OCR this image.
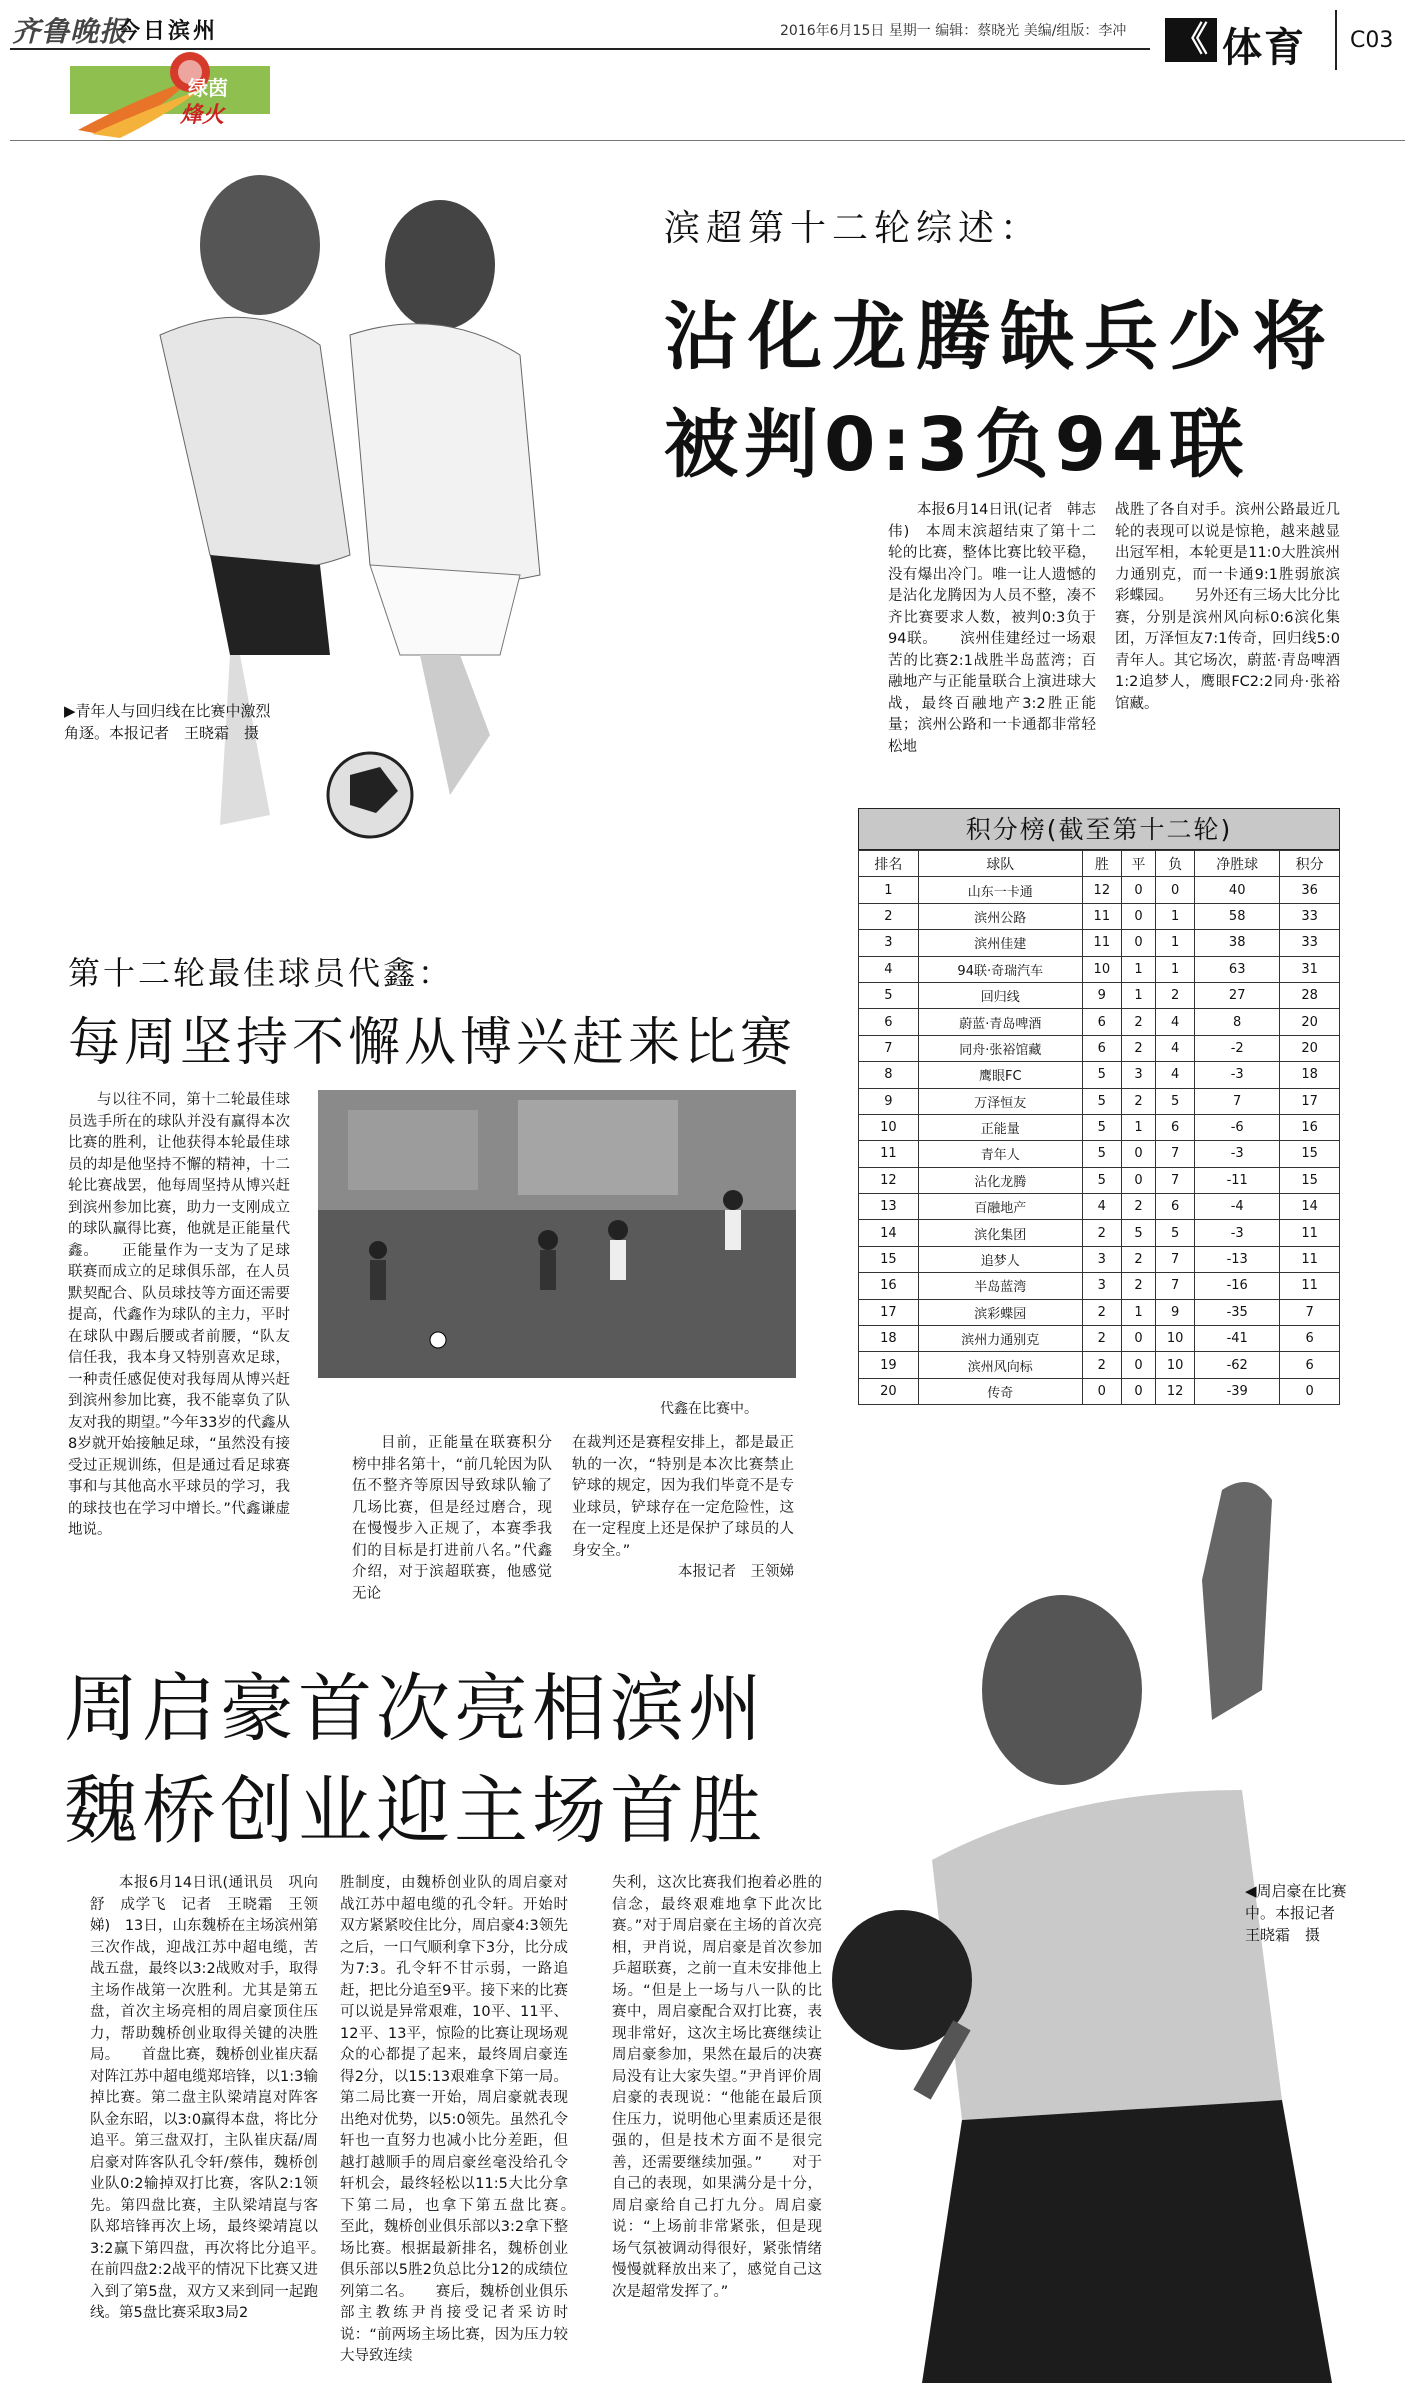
齐鲁晚报
今日滨州	2016年6月15日 星期一 编辑：蔡晓光 美编/组版：李冲 《 体育 C03
绿茵
烽火
▶青年人与回归线在比赛中激烈角逐。本报记者　王晓霜　摄
滨超第十二轮综述：
沾化龙腾缺兵少将
被判0:3负94联
本报6月14日讯(记者　韩志伟)　本周末滨超结束了第十二轮的比赛，整体比赛比较平稳，没有爆出冷门。唯一让人遗憾的是沾化龙腾因为人员不整，凑不齐比赛要求人数，被判0:3负于94联。　　滨州佳建经过一场艰苦的比赛2:1战胜半岛蓝湾；百融地产与正能量联合上演进球大战，最终百融地产3:2胜正能量；滨州公路和一卡通都非常轻松地
战胜了各自对手。滨州公路最近几轮的表现可以说是惊艳，越来越显出冠军相，本轮更是11:0大胜滨州力通别克，而一卡通9:1胜弱旅滨彩蝶园。　　另外还有三场大比分比赛，分别是滨州风向标0:6滨化集团，万泽恒友7:1传奇，回归线5:0青年人。其它场次，蔚蓝·青岛啤酒1:2追梦人，鹰眼FC2:2同舟·张裕馆藏。
积分榜(截至第十二轮)
排名	球队	胜	平	负	净胜球	积分
1	山东一卡通	12	0	0	40	36
2	滨州公路	11	0	1	58	33
3	滨州佳建	11	0	1	38	33
4	94联·奇瑞汽车	10	1	1	63	31
5	回归线	9	1	2	27	28
6	蔚蓝·青岛啤酒	6	2	4	8	20
7	同舟·张裕馆藏	6	2	4	-2	20
8	鹰眼FC	5	3	4	-3	18
9	万泽恒友	5	2	5	7	17
10	正能量	5	1	6	-6	16
11	青年人	5	0	7	-3	15
12	沾化龙腾	5	0	7	-11	15
13	百融地产	4	2	6	-4	14
14	滨化集团	2	5	5	-3	11
15	追梦人	3	2	7	-13	11
16	半岛蓝湾	3	2	7	-16	11
17	滨彩蝶园	2	1	9	-35	7
18	滨州力通别克	2	0	10	-41	6
19	滨州风向标	2	0	10	-62	6
20	传奇	0	0	12	-39	0
第十二轮最佳球员代鑫：
每周坚持不懈从博兴赶来比赛
与以往不同，第十二轮最佳球员选手所在的球队并没有赢得本次比赛的胜利，让他获得本轮最佳球员的却是他坚持不懈的精神，十二轮比赛战罢，他每周坚持从博兴赶到滨州参加比赛，助力一支刚成立的球队赢得比赛，他就是正能量代鑫。　　正能量作为一支为了足球联赛而成立的足球俱乐部，在人员默契配合、队员球技等方面还需要提高，代鑫作为球队的主力，平时在球队中踢后腰或者前腰，“队友信任我，我本身又特别喜欢足球，一种责任感促使对我每周从博兴赶到滨州参加比赛，我不能辜负了队友对我的期望。”今年33岁的代鑫从8岁就开始接触足球，“虽然没有接受过正规训练，但是通过看足球赛事和与其他高水平球员的学习，我的球技也在学习中增长。”代鑫谦虚地说。
代鑫在比赛中。
目前，正能量在联赛积分榜中排名第十，“前几轮因为队伍不整齐等原因导致球队输了几场比赛，但是经过磨合，现在慢慢步入正规了，本赛季我们的目标是打进前八名。”代鑫介绍，对于滨超联赛，他感觉无论
在裁判还是赛程安排上，都是最正轨的一次，“特别是本次比赛禁止铲球的规定，因为我们毕竟不是专业球员，铲球存在一定危险性，这在一定程度上还是保护了球员的人身安全。”
本报记者　王领娣
周启豪首次亮相滨州
魏桥创业迎主场首胜
◀周启豪在比赛中。本报记者　王晓霜　摄
本报6月14日讯(通讯员　巩向舒　成学飞　记者　王晓霜　王领娣)　13日，山东魏桥在主场滨州第三次作战，迎战江苏中超电缆，苦战五盘，最终以3:2战败对手，取得主场作战第一次胜利。尤其是第五盘，首次主场亮相的周启豪顶住压力，帮助魏桥创业取得关键的决胜局。　　首盘比赛，魏桥创业崔庆磊对阵江苏中超电缆郑培锋，以1:3输掉比赛。第二盘主队梁靖崑对阵客队金东昭，以3:0赢得本盘，将比分追平。第三盘双打，主队崔庆磊/周启豪对阵客队孔令轩/蔡伟，魏桥创业队0:2输掉双打比赛，客队2:1领先。第四盘比赛，主队梁靖崑与客队郑培锋再次上场，最终梁靖崑以3:2赢下第四盘，再次将比分追平。　　在前四盘2:2战平的情况下比赛又进入到了第5盘，双方又来到同一起跑线。第5盘比赛采取3局2
胜制度，由魏桥创业队的周启豪对战江苏中超电缆的孔令轩。开始时双方紧紧咬住比分，周启豪4:3领先之后，一口气顺利拿下3分，比分成为7:3。孔令轩不甘示弱，一路追赶，把比分追至9平。接下来的比赛可以说是异常艰难，10平、11平、12平、13平，惊险的比赛让现场观众的心都提了起来，最终周启豪连得2分，以15:13艰难拿下第一局。第二局比赛一开始，周启豪就表现出绝对优势，以5:0领先。虽然孔令轩也一直努力也减小比分差距，但越打越顺手的周启豪丝毫没给孔令轩机会，最终轻松以11:5大比分拿下第二局，也拿下第五盘比赛。　　至此，魏桥创业俱乐部以3:2拿下整场比赛。根据最新排名，魏桥创业俱乐部以5胜2负总比分12的成绩位列第二名。　　赛后，魏桥创业俱乐部主教练尹肖接受记者采访时说：“前两场主场比赛，因为压力较大导致连续
失利，这次比赛我们抱着必胜的信念，最终艰难地拿下此次比赛。”对于周启豪在主场的首次亮相，尹肖说，周启豪是首次参加乒超联赛，之前一直未安排他上场。“但是上一场与八一队的比赛中，周启豪配合双打比赛，表现非常好，这次主场比赛继续让周启豪参加，果然在最后的决赛局没有让大家失望。”尹肖评价周启豪的表现说：“他能在最后顶住压力，说明他心里素质还是很强的，但是技术方面不是很完善，还需要继续加强。”　　对于自己的表现，如果满分是十分，周启豪给自己打九分。周启豪说：“上场前非常紧张，但是现场气氛被调动得很好，紧张情绪慢慢就释放出来了，感觉自己这次是超常发挥了。”
